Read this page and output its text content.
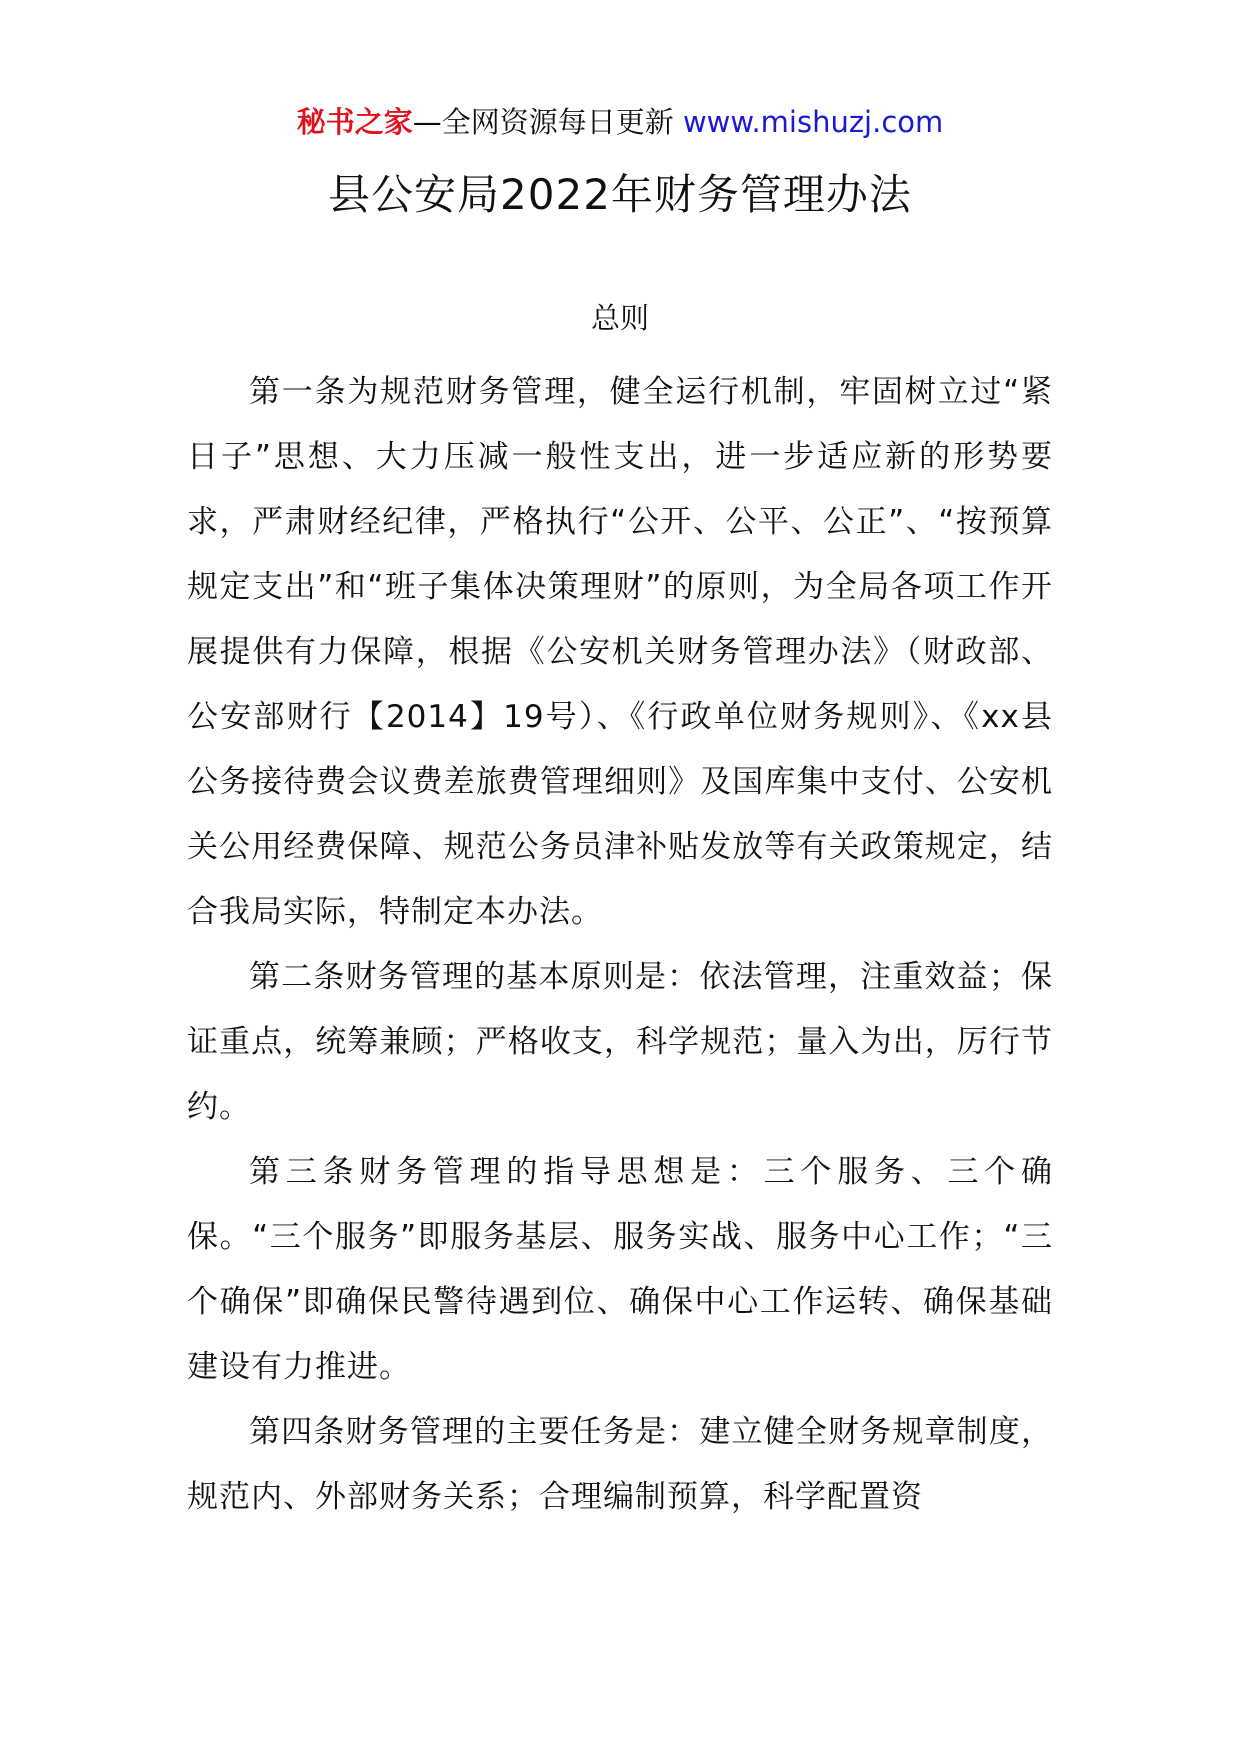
秘书之家—全网资源每日更新 www.mishuzj.com
县公安局2022年财务管理办法
总则

第一条为规范财务管理，健全运行机制，牢固树立过“紧日子”思想、大力压减一般性支出，进一步适应新的形势要求，严肃财经纪律，严格执行“公开、公平、公正”、“按预算规定支出”和“班子集体决策理财”的原则，为全局各项工作开展提供有力保障，根据《公安机关财务管理办法》（财政部、公安部财行【2014】19号）、《行政单位财务规则》、《xx县公务接待费会议费差旅费管理细则》及国库集中支付、公安机关公用经费保障、规范公务员津补贴发放等有关政策规定，结合我局实际，特制定本办法。

第二条财务管理的基本原则是：依法管理，注重效益；保证重点，统筹兼顾；严格收支，科学规范；量入为出，厉行节约。

第三条财务管理的指导思想是：三个服务、三个确保。“三个服务”即服务基层、服务实战、服务中心工作；“三个确保”即确保民警待遇到位、确保中心工作运转、确保基础建设有力推进。

第四条财务管理的主要任务是：建立健全财务规章制度，规范内、外部财务关系；合理编制预算，科学配置资
